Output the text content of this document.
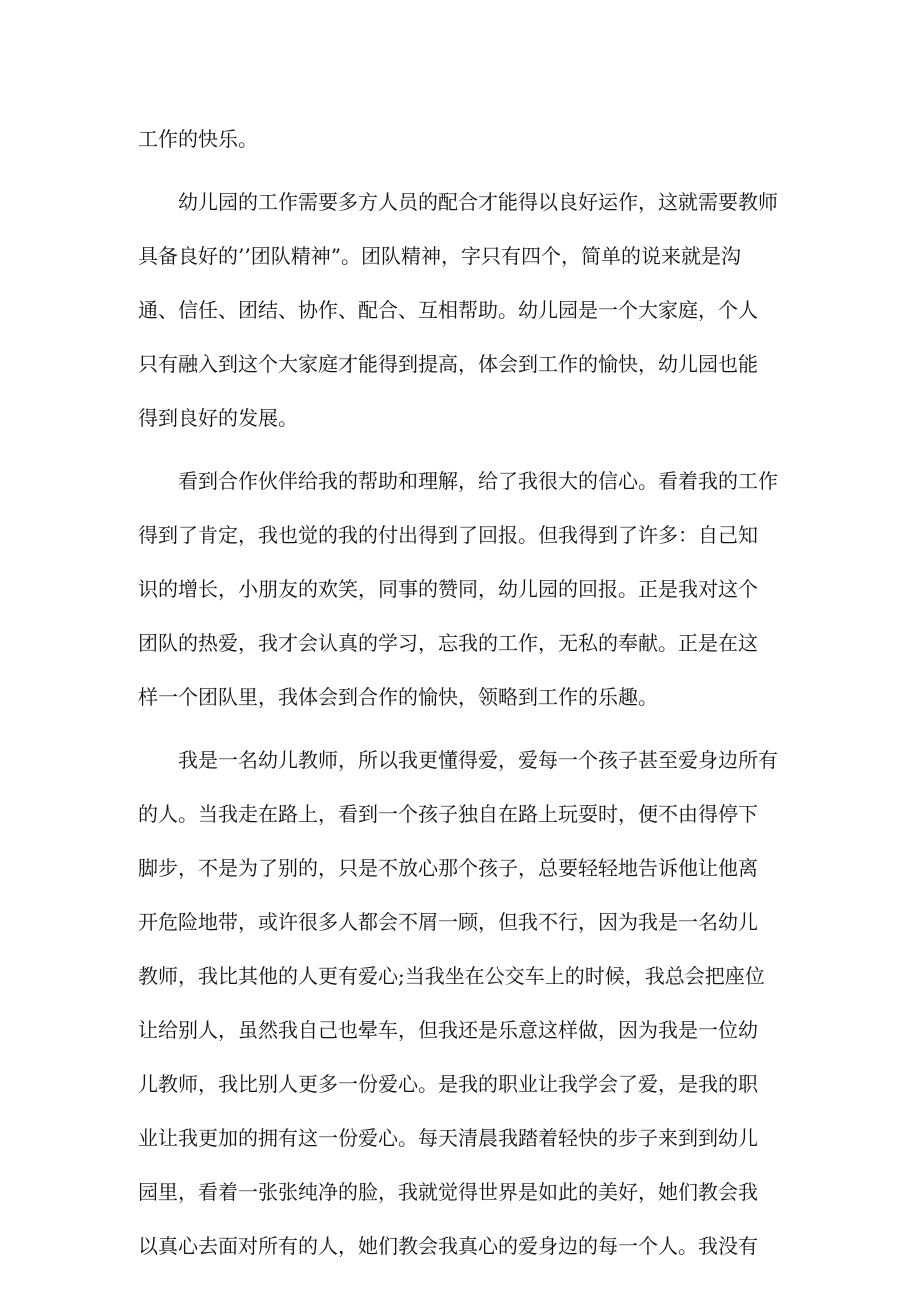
工作的快乐。
　　幼儿园的工作需要多方人员的配合才能得以良好运作，这就需要教师
具备良好的’’团队精神”。团队精神，字只有四个，简单的说来就是沟
通、信任、团结、协作、配合、互相帮助。幼儿园是一个大家庭，个人
只有融入到这个大家庭才能得到提高，体会到工作的愉快，幼儿园也能
得到良好的发展。
　　看到合作伙伴给我的帮助和理解，给了我很大的信心。看着我的工作
得到了肯定，我也觉的我的付出得到了回报。但我得到了许多：自己知
识的增长，小朋友的欢笑，同事的赞同，幼儿园的回报。正是我对这个
团队的热爱，我才会认真的学习，忘我的工作，无私的奉献。正是在这
样一个团队里，我体会到合作的愉快，领略到工作的乐趣。
　　我是一名幼儿教师，所以我更懂得爱，爱每一个孩子甚至爱身边所有
的人。当我走在路上，看到一个孩子独自在路上玩耍时，便不由得停下
脚步，不是为了别的，只是不放心那个孩子，总要轻轻地告诉他让他离
开危险地带，或许很多人都会不屑一顾，但我不行，因为我是一名幼儿
教师，我比其他的人更有爱心;当我坐在公交车上的时候，我总会把座位
让给别人，虽然我自己也晕车，但我还是乐意这样做，因为我是一位幼
儿教师，我比别人更多一份爱心。是我的职业让我学会了爱，是我的职
业让我更加的拥有这一份爱心。每天清晨我踏着轻快的步子来到到幼儿
园里，看着一张张纯净的脸，我就觉得世界是如此的美好，她们教会我
以真心去面对所有的人，她们教会我真心的爱身边的每一个人。我没有
